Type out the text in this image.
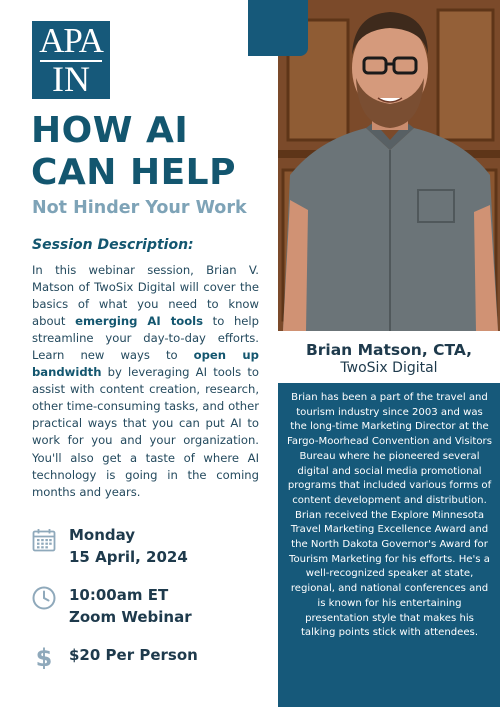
APA
IN
HOW AI
CAN HELP
Not Hinder Your Work
Session Description:

In this webinar session, Brian V. Matson of TwoSix Digital will cover the basics of what you need to know about emerging AI tools to help streamline your day-to-day efforts. Learn new ways to open up bandwidth by leveraging AI tools to assist with content creation, research, other time-consuming tasks, and other practical ways that you can put AI to work for you and your organization. You'll also get a taste of where AI technology is going in the coming months and years.

Monday
15 April, 2024
10:00am ET
Zoom Webinar
$ $20 Per Person
Brian Matson, CTA,
TwoSix Digital

Brian has been a part of the travel and tourism industry since 2003 and was the long-time Marketing Director at the Fargo-Moorhead Convention and Visitors Bureau where he pioneered several digital and social media promotional programs that included various forms of content development and distribution. Brian received the Explore Minnesota Travel Marketing Excellence Award and the North Dakota Governor's Award for Tourism Marketing for his efforts. He's a well-recognized speaker at state, regional, and national conferences and is known for his entertaining presentation style that makes his talking points stick with attendees.
